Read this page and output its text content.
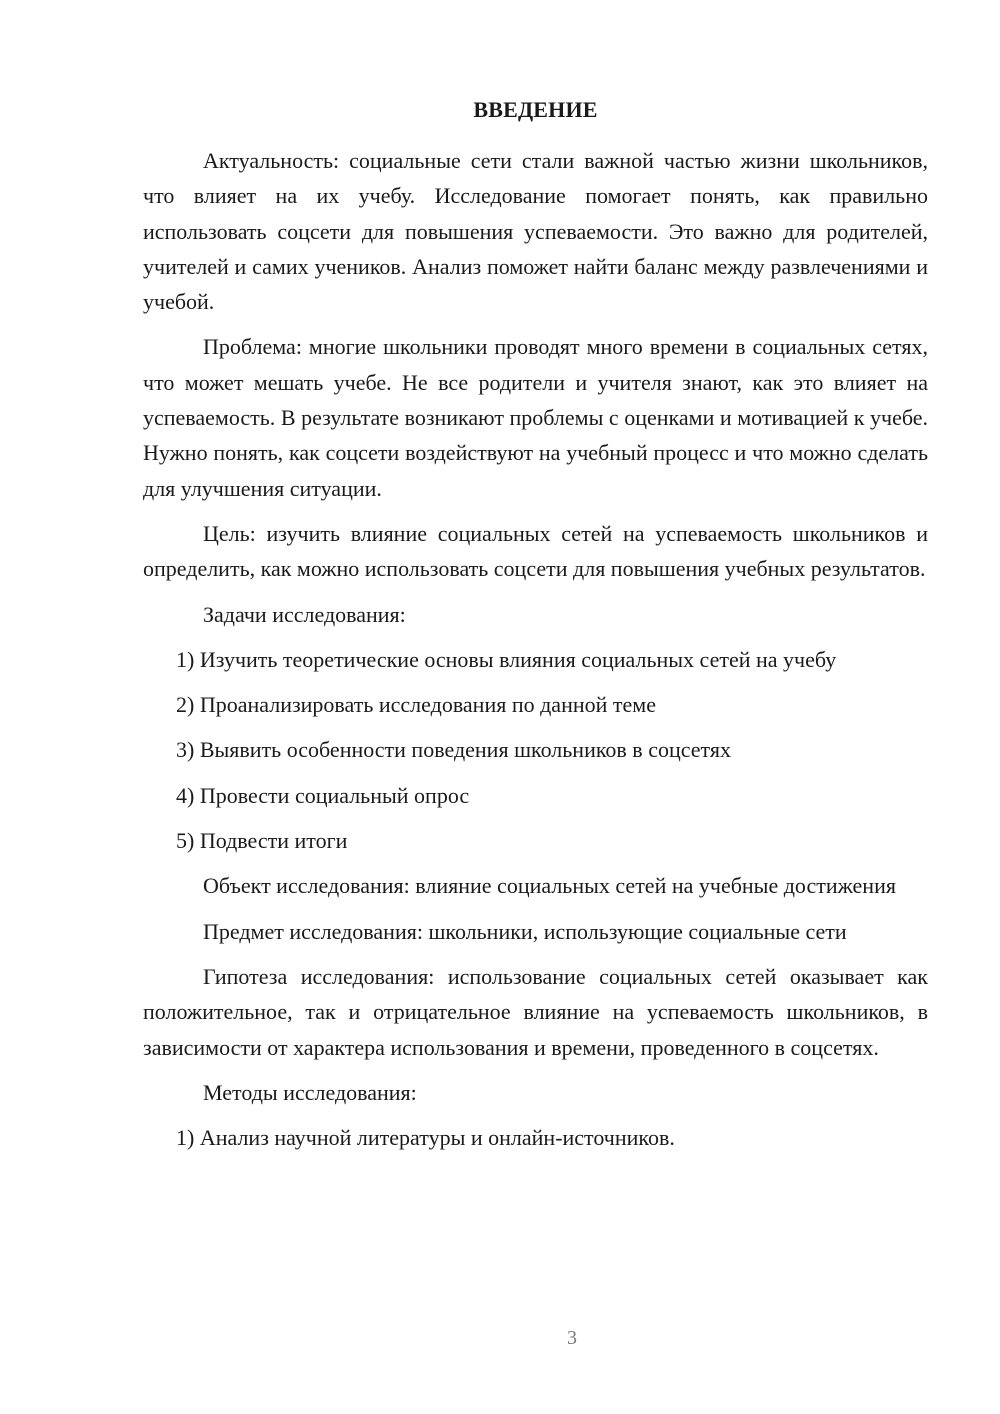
ВВЕДЕНИЕ

Актуальность: социальные сети стали важной частью жизни школьников, что влияет на их учебу. Исследование помогает понять, как правильно использовать соцсети для повышения успеваемости. Это важно для родителей, учителей и самих учеников. Анализ поможет найти баланс между развлечениями и учебой.

Проблема: многие школьники проводят много времени в социальных сетях, что может мешать учебе. Не все родители и учителя знают, как это влияет на успеваемость. В результате возникают проблемы с оценками и мотивацией к учебе. Нужно понять, как соцсети воздействуют на учебный процесс и что можно сделать для улучшения ситуации.

Цель: изучить влияние социальных сетей на успеваемость школьников и определить, как можно использовать соцсети для повышения учебных результатов.

Задачи исследования:

1) Изучить теоретические основы влияния социальных сетей на учебу
2) Проанализировать исследования по данной теме
3) Выявить особенности поведения школьников в соцсетях
4) Провести социальный опрос
5) Подвести итоги

Объект исследования: влияние социальных сетей на учебные достижения

Предмет исследования: школьники, использующие социальные сети

Гипотеза исследования: использование социальных сетей оказывает как положительное, так и отрицательное влияние на успеваемость школьников, в зависимости от характера использования и времени, проведенного в соцсетях.

Методы исследования:

1) Анализ научной литературы и онлайн-источников.
3
